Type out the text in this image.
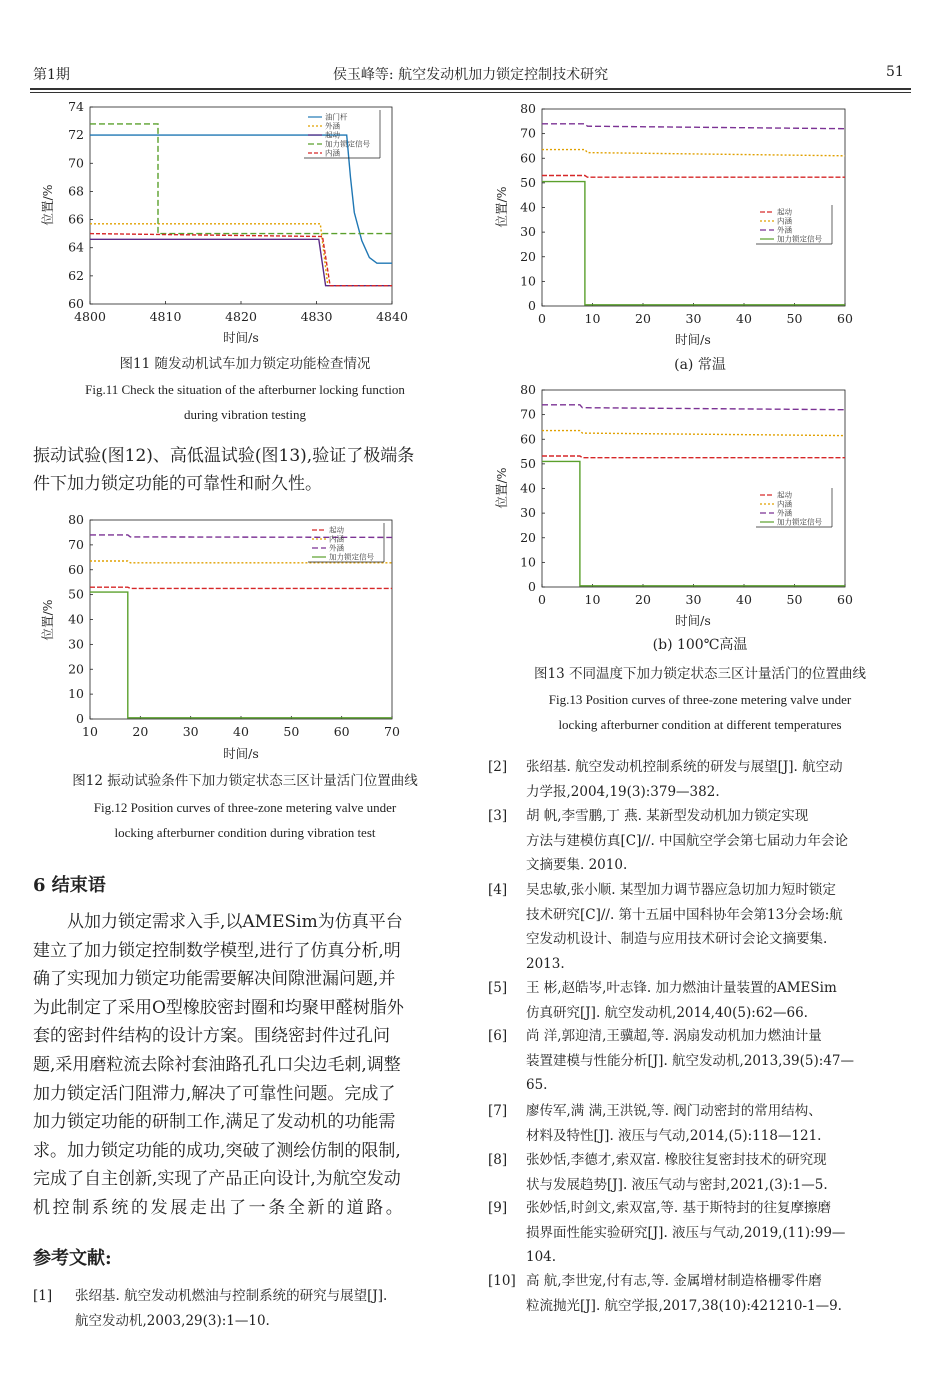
第1期	侯玉峰等: 航空发动机加力锁定控制技术研究	51
位置/%
时间/s
4800	4810	4820	4830	4840
60
62
64
66
68
70
72
74
油门杆
外涵
起动
加力锁定信号
内涵
图11 随发动机试车加力锁定功能检查情况
Fig.11 Check the situation of the afterburner locking function
during vibration testing
振动试验(图12)、高低温试验(图13),验证了极端条
件下加力锁定功能的可靠性和耐久性。
位置/%
时间/s
10	20	30	40	50	60	70
0
10
20
30
40
50
60
70
80
起动
内涵
外涵
加力锁定信号
图12 振动试验条件下加力锁定状态三区计量活门位置曲线
Fig.12 Position curves of three-zone metering valve under
locking afterburner condition during vibration test
6 结束语
从加力锁定需求入手,以AMESim为仿真平台
建立了加力锁定控制数学模型,进行了仿真分析,明
确了实现加力锁定功能需要解决间隙泄漏问题,并
为此制定了采用O型橡胶密封圈和均聚甲醛树脂外
套的密封件结构的设计方案。围绕密封件过孔问
题,采用磨粒流去除衬套油路孔孔口尖边毛刺,调整
加力锁定活门阻滞力,解决了可靠性问题。完成了
加力锁定功能的研制工作,满足了发动机的功能需
求。加力锁定功能的成功,突破了测绘仿制的限制,
完成了自主创新,实现了产品正向设计,为航空发动
机控制系统的发展走出了一条全新的道路。
参考文献:
[1] 张绍基. 航空发动机燃油与控制系统的研究与展望[J].
航空发动机,2003,29(3):1—10.
位置/%
时间/s
0	10	20	30	40	50	60
0
10
20
30
40
50
60
70
80
起动
内涵
外涵
加力锁定信号
(a) 常温
位置/%
时间/s
0	10	20	30	40	50	60
0
10
20
30
40
50
60
70
80
起动
内涵
外涵
加力锁定信号
(b) 100℃高温
图13 不同温度下加力锁定状态三区计量活门的位置曲线
Fig.13 Position curves of three-zone metering valve under
locking afterburner condition at different temperatures
[2] 张绍基. 航空发动机控制系统的研发与展望[J]. 航空动
力学报,2004,19(3):379—382.
[3] 胡 帆,李雪鹏,丁 燕. 某新型发动机加力锁定实现
方法与建模仿真[C]//. 中国航空学会第七届动力年会论
文摘要集. 2010.
[4] 吴忠敏,张小顺. 某型加力调节器应急切加力短时锁定
技术研究[C]//. 第十五届中国科协年会第13分会场:航
空发动机设计、制造与应用技术研讨会论文摘要集.
2013.
[5] 王 彬,赵皓岑,叶志锋. 加力燃油计量装置的AMESim
仿真研究[J]. 航空发动机,2014,40(5):62—66.
[6] 尚 洋,郭迎清,王骥超,等. 涡扇发动机加力燃油计量
装置建模与性能分析[J]. 航空发动机,2013,39(5):47—
65.
[7] 廖传军,满 满,王洪锐,等. 阀门动密封的常用结构、
材料及特性[J]. 液压与气动,2014,(5):118—121.
[8] 张妙恬,李德才,索双富. 橡胶往复密封技术的研究现
状与发展趋势[J]. 液压气动与密封,2021,(3):1—5.
[9] 张妙恬,时剑文,索双富,等. 基于斯特封的往复摩擦磨
损界面性能实验研究[J]. 液压与气动,2019,(11):99—
104.
[10] 高 航,李世宠,付有志,等. 金属增材制造格栅零件磨
粒流抛光[J]. 航空学报,2017,38(10):421210-1—9.
